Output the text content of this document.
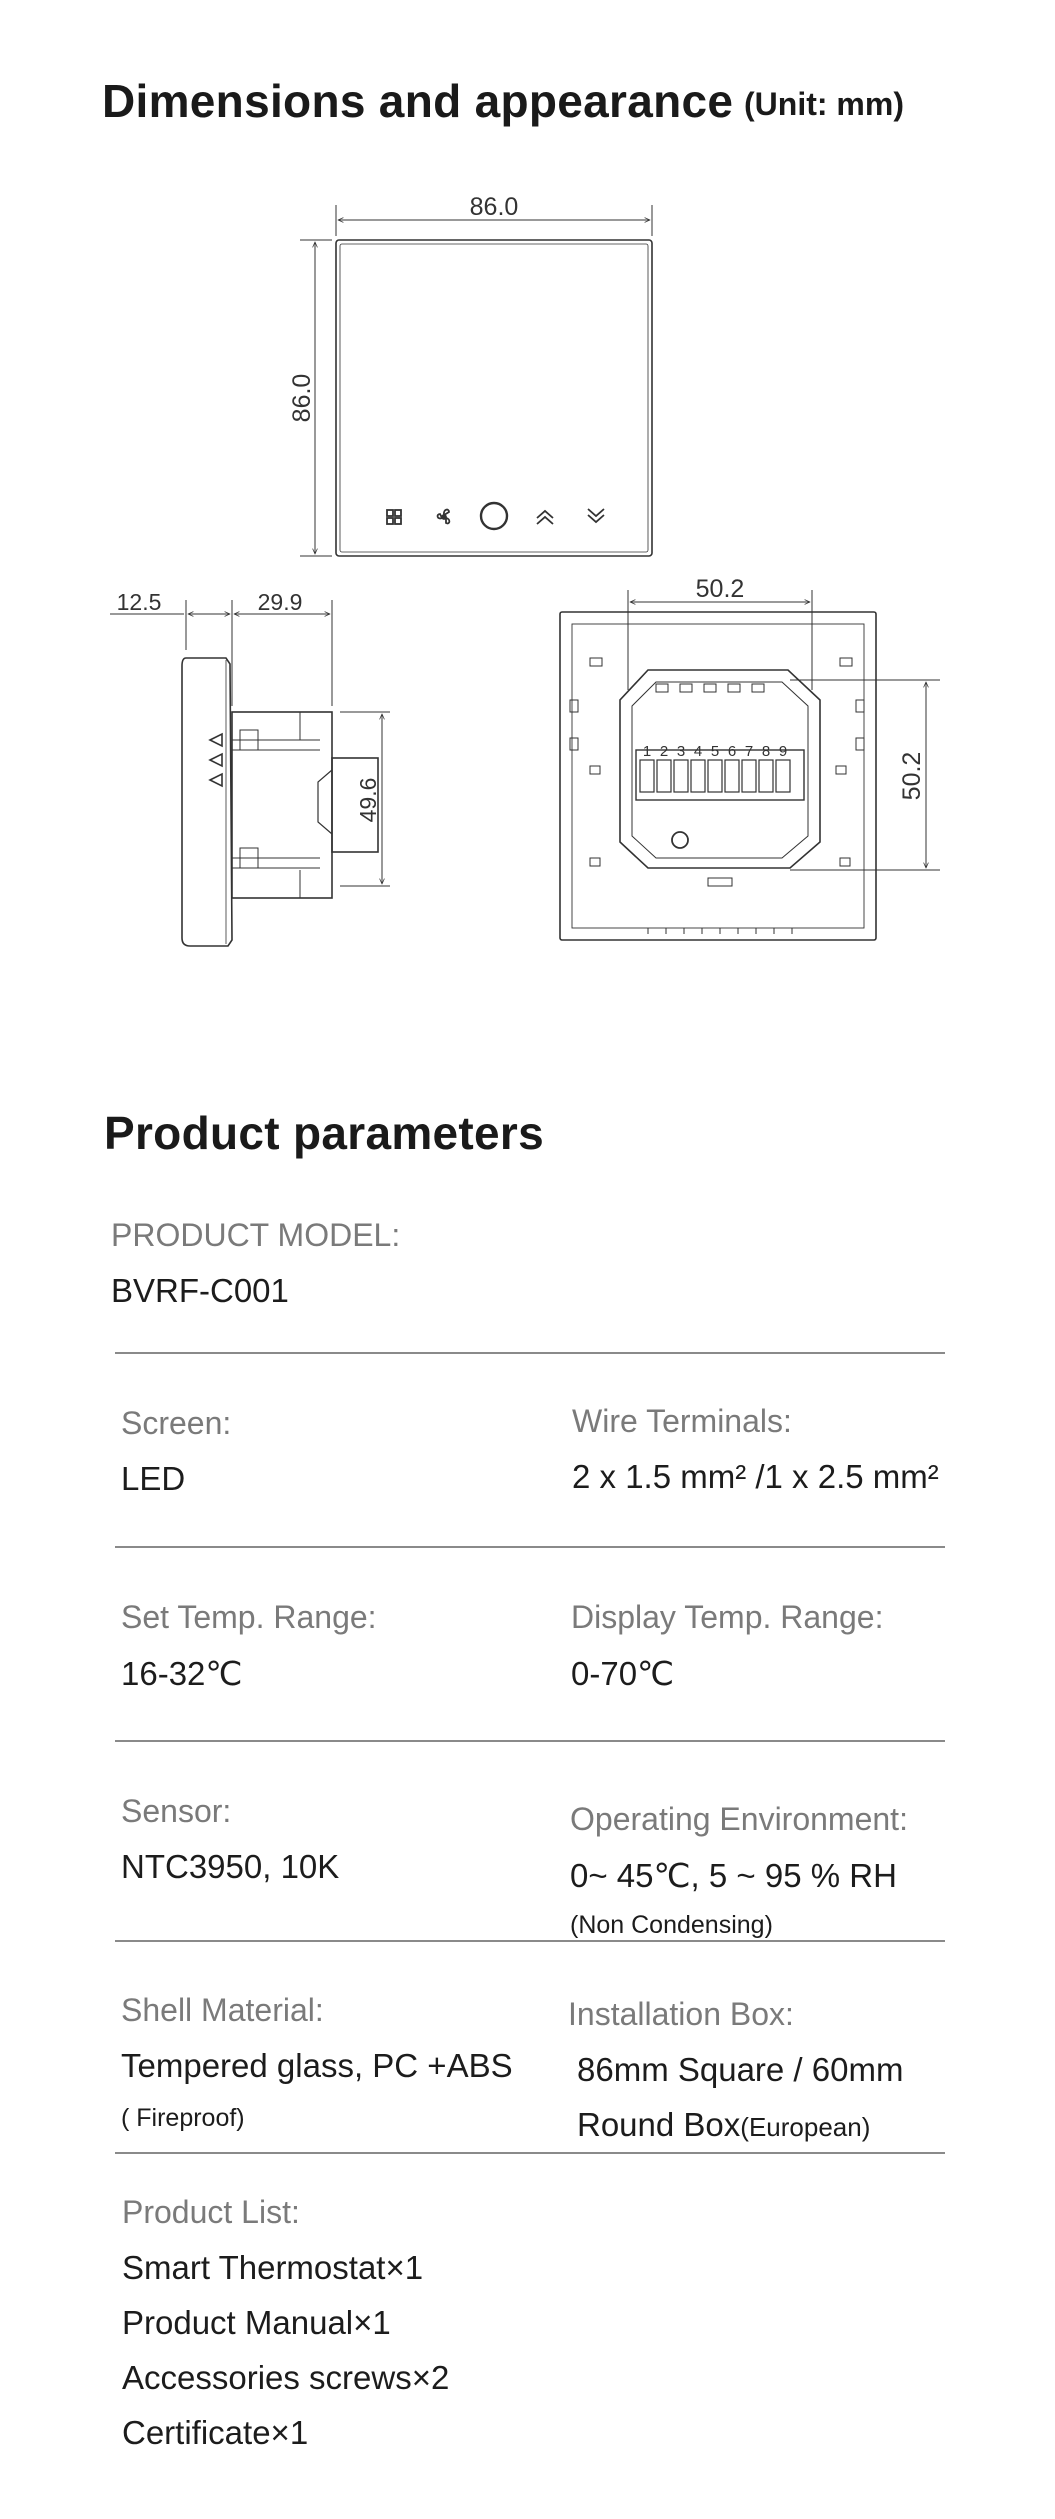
Dimensions and appearance (Unit: mm)
86.0
86.0
12.5	29.9
49.6
1 2 3 4 5 6 7 8 9
50.2
50.2
Product parameters
PRODUCT MODEL:
BVRF-C001
Screen:
LED
Wire Terminals:
2 x 1.5 mm² /1 x 2.5 mm²
Set Temp. Range:
16-32℃
Display Temp. Range:
0-70℃
Sensor:
NTC3950, 10K
Operating Environment:
0~ 45℃, 5 ~ 95 % RH
(Non Condensing)
Shell Material:
Tempered glass, PC +ABS
( Fireproof)
Installation Box:
86mm Square / 60mm
Round Box(European)
Product List:
Smart Thermostat×1
Product Manual×1
Accessories screws×2
Certificate×1
